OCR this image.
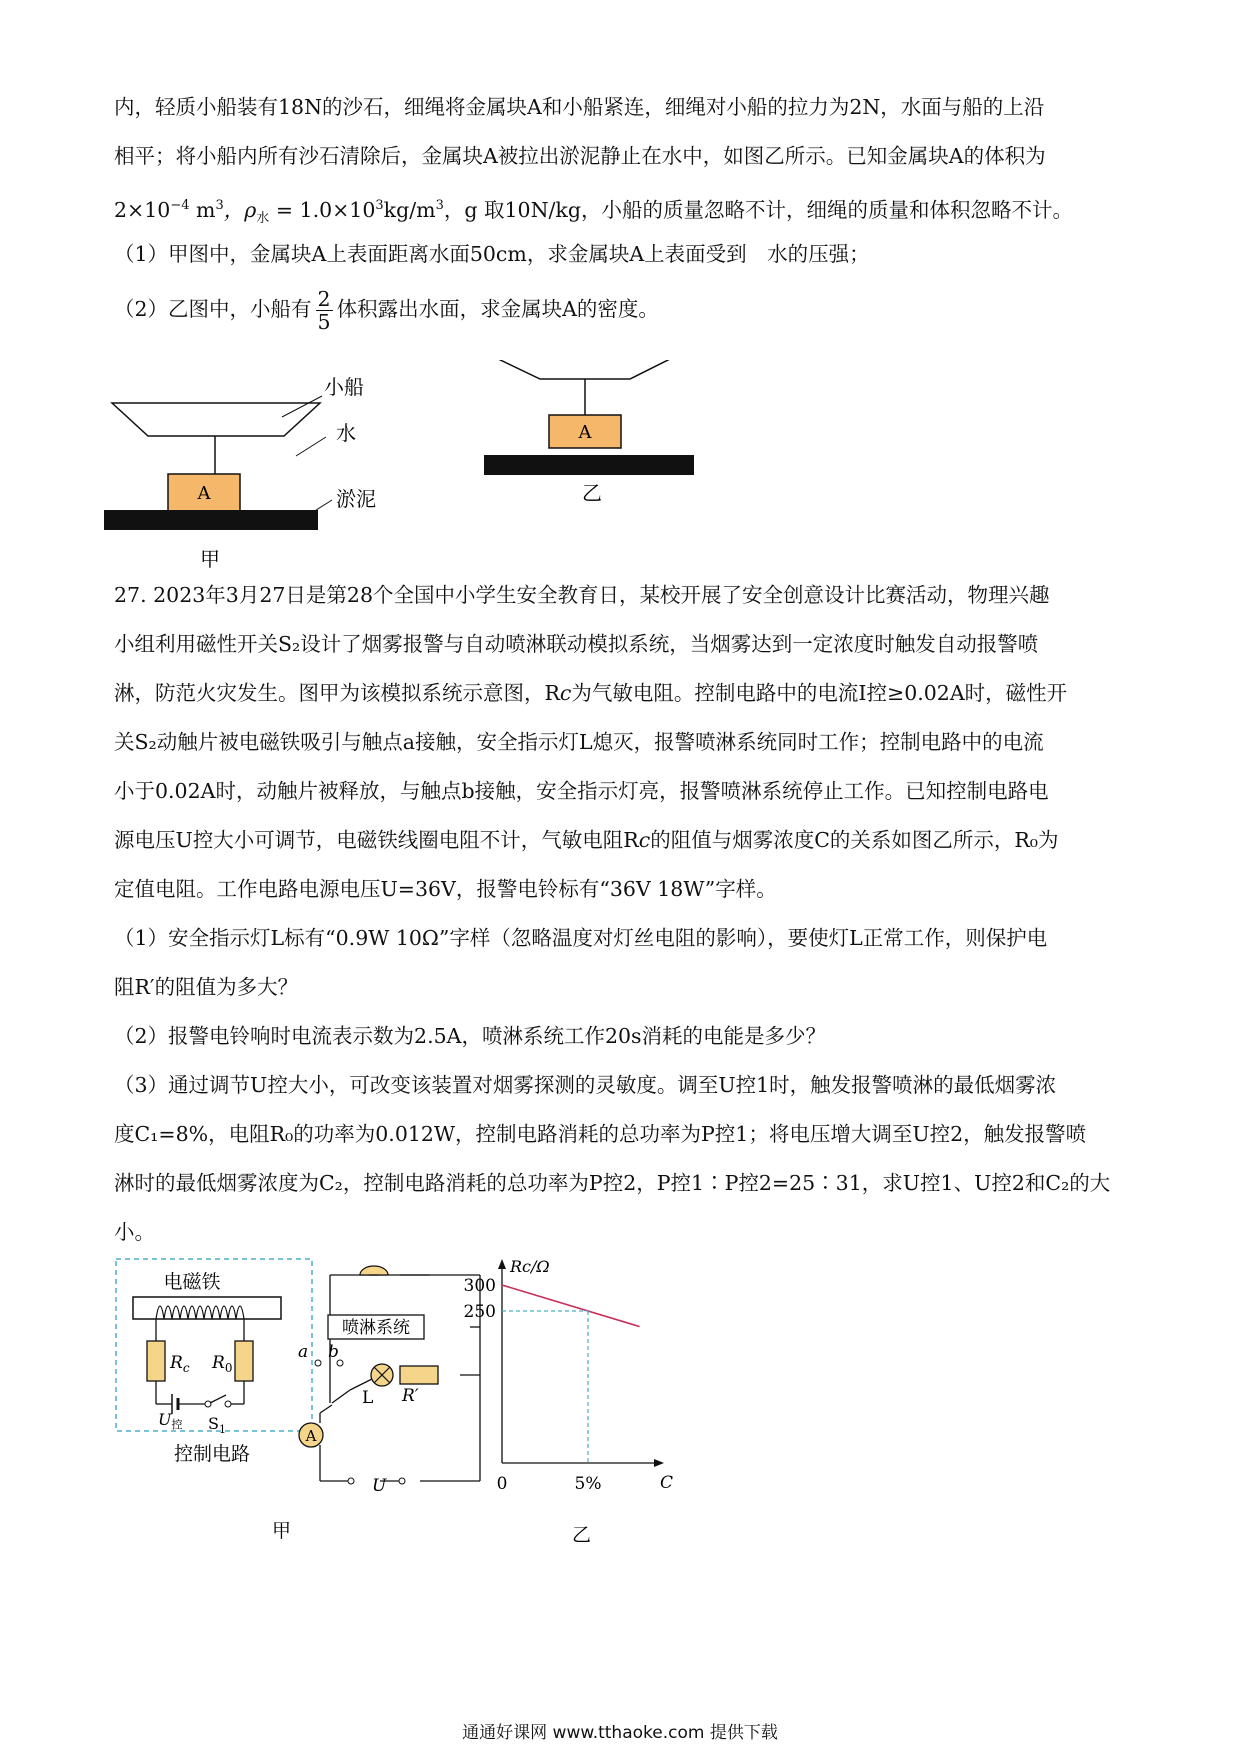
内，轻质小船装有18N的沙石，细绳将金属块A和小船紧连，细绳对小船的拉力为2N，水面与船的上沿
相平；将小船内所有沙石清除后，金属块A被拉出淤泥静止在水中，如图乙所示。已知金属块A的体积为
$2\times 10^{-4}$ $m^3$，$\rho_水 = 1.0\times 10^3kg/m^3$，g 取10N/kg，小船的质量忽略不计，细绳的质量和体积忽略不计。
（1）甲图中，金属块A上表面距离水面50cm，求金属块A上表面受到　水的压强；
（2）乙图中，小船有 $\frac{2}{5}$ 体积露出水面，求金属块A的密度。
A
小船
水
淤泥
甲
A
乙
27. 2023年3月27日是第28个全国中小学生安全教育日，某校开展了安全创意设计比赛活动，物理兴趣
小组利用磁性开关S₂设计了烟雾报警与自动喷淋联动模拟系统，当烟雾达到一定浓度时触发自动报警喷
淋，防范火灾发生。图甲为该模拟系统示意图，R𝑐为气敏电阻。控制电路中的电流I控≥0.02A时，磁性开
关S₂动触片被电磁铁吸引与触点a接触，安全指示灯L熄灭，报警喷淋系统同时工作；控制电路中的电流
小于0.02A时，动触片被释放，与触点b接触，安全指示灯亮，报警喷淋系统停止工作。已知控制电路电
源电压U控大小可调节，电磁铁线圈电阻不计，气敏电阻R𝑐的阻值与烟雾浓度C的关系如图乙所示，R₀为
定值电阻。工作电路电源电压U=36V，报警电铃标有“36V 18W”字样。
（1）安全指示灯L标有“0.9W 10Ω”字样（忽略温度对灯丝电阻的影响），要使灯L正常工作，则保护电
阻R′的阻值为多大？
（2）报警电铃响时电流表示数为2.5A，喷淋系统工作20s消耗的电能是多少？
（3）通过调节U控大小，可改变该装置对烟雾探测的灵敏度。调至U控1时，触发报警喷淋的最低烟雾浓
度C₁=8%，电阻R₀的功率为0.012W，控制电路消耗的总功率为P控1；将电压增大调至U控2，触发报警喷
淋时的最低烟雾浓度为C₂，控制电路消耗的总功率为P控2，P控1∶P控2=25∶31，求U控1、U控2和C₂的大
小。
电磁铁
$R_c$ $R_0$
U控 $S_1$
控制电路
喷淋系统
a b
L R′
A
U
甲
R𝑐/Ω
C
300
250
0	5%
乙
通通好课网 www.tthaoke.com 提供下载
